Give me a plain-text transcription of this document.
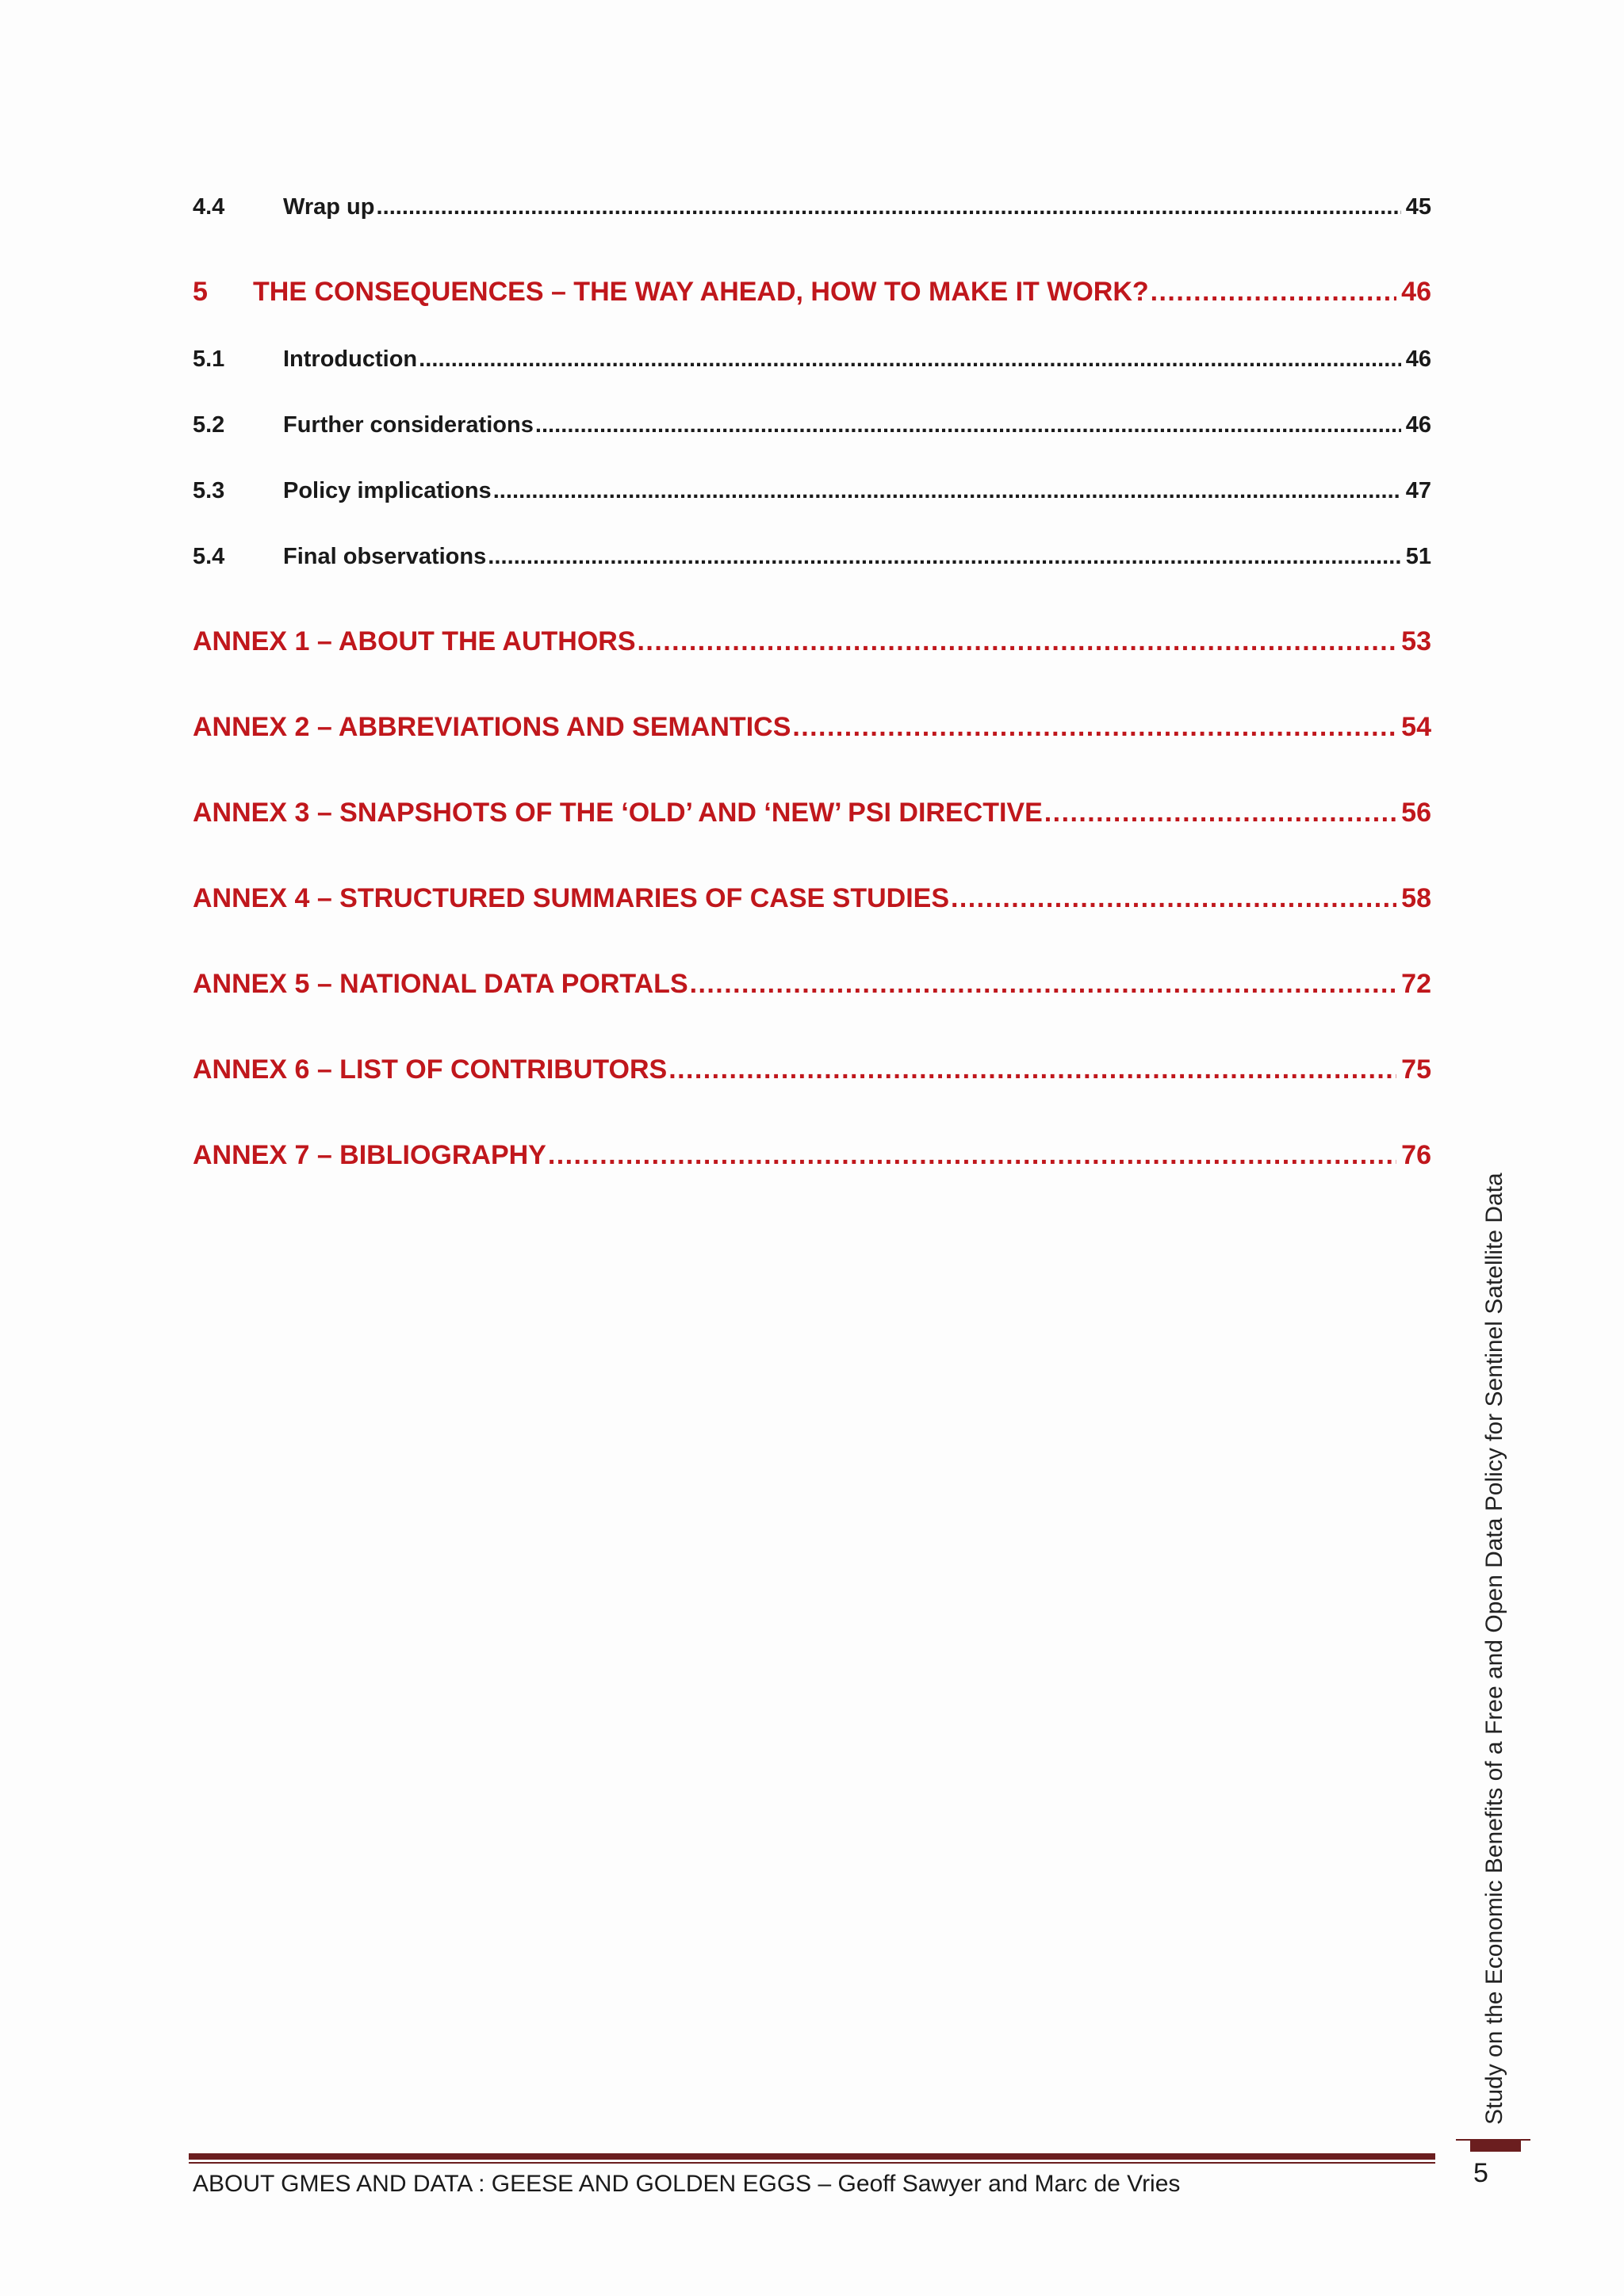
4.4	Wrap up . . .	45
5	THE CONSEQUENCES – THE WAY AHEAD, HOW TO MAKE IT WORK? . . .	46
5.1	Introduction . . .	46
5.2	Further considerations . . .	46
5.3	Policy implications . . .	47
5.4	Final observations . . .	51
ANNEX 1 – ABOUT THE AUTHORS . . .	53
ANNEX 2 – ABBREVIATIONS AND SEMANTICS . . .	54
ANNEX 3 – SNAPSHOTS OF THE ‘OLD’ AND ‘NEW’ PSI DIRECTIVE . . .	56
ANNEX 4 – STRUCTURED SUMMARIES OF CASE STUDIES . . .	58
ANNEX 5 – NATIONAL DATA PORTALS . . .	72
ANNEX 6 – LIST OF CONTRIBUTORS . . .	75
ANNEX 7 – BIBLIOGRAPHY . . .	76
Study on the Economic Benefits of a Free and Open Data Policy for Sentinel Satellite Data
ABOUT GMES AND DATA : GEESE AND GOLDEN EGGS – Geoff Sawyer and Marc de Vries	5
